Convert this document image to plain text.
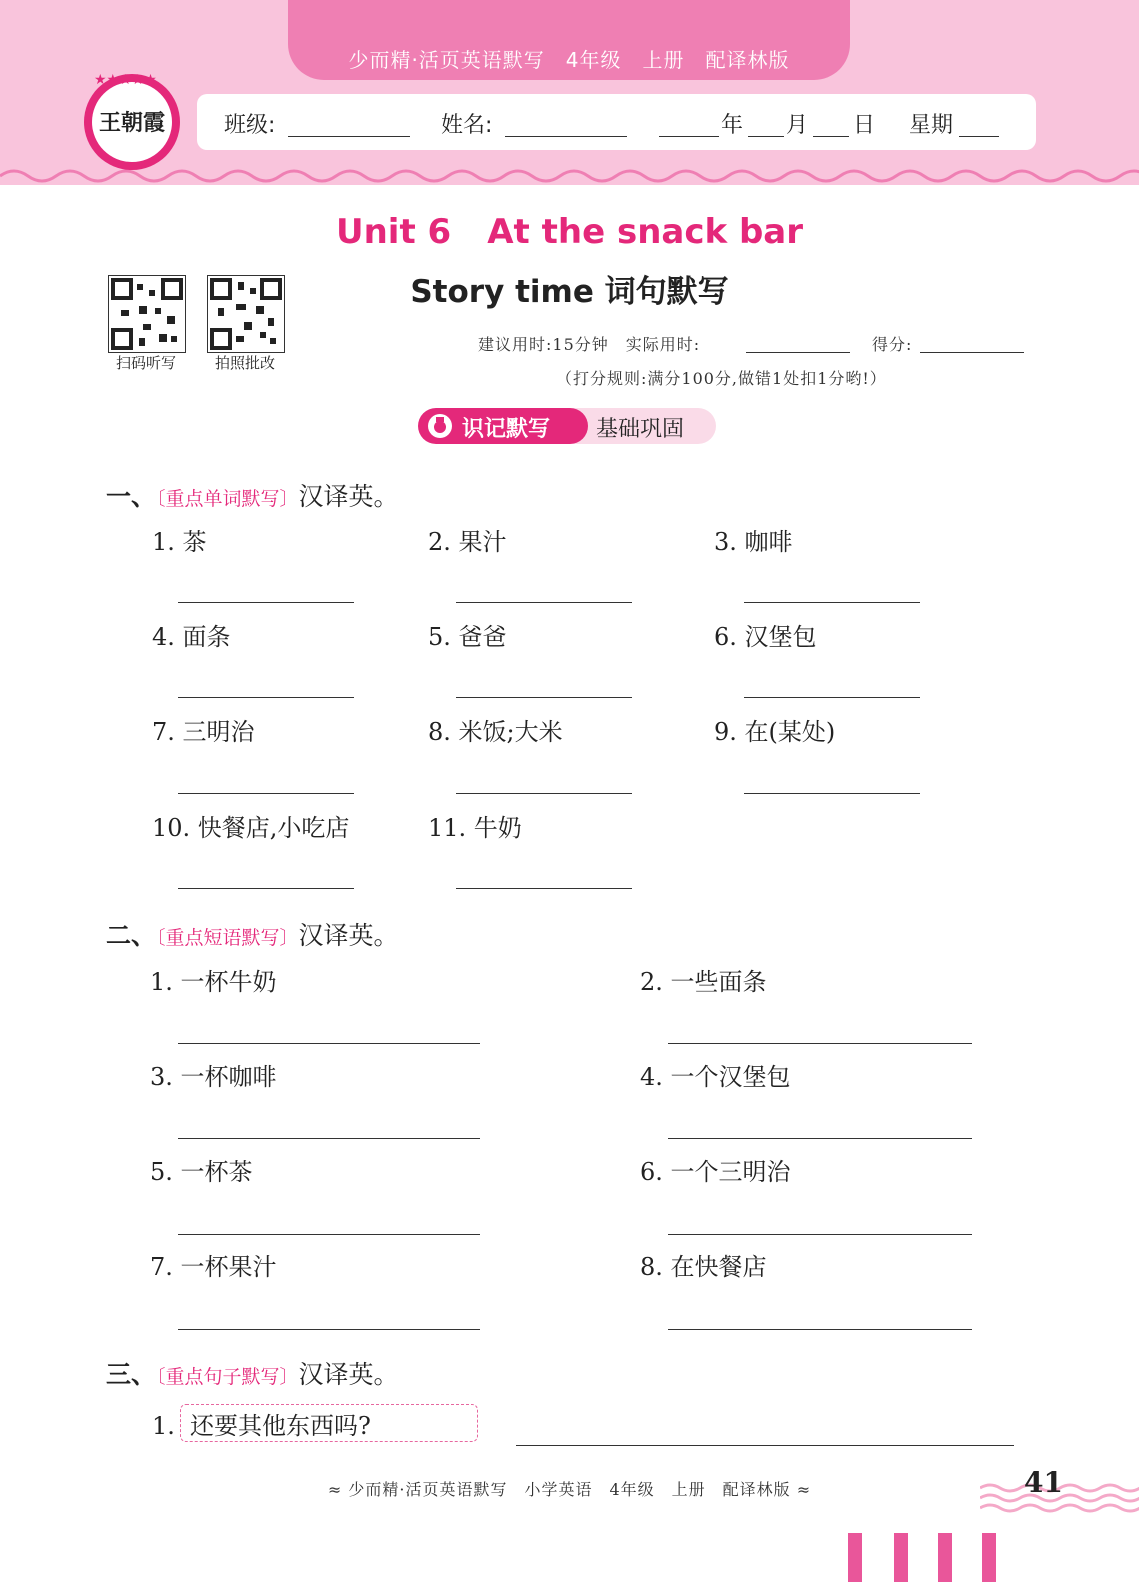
少而精·活页英语默写　4年级　上册　配译林版
班级:	姓名:	年 月 日 星期
★★★★★
王朝霞
Unit 6 At the snack bar
Story time 词句默写
扫码听写	拍照批改
建议用时:15分钟　实际用时:	得分:
（打分规则:满分100分,做错1处扣1分哟!）
识记默写 基础巩固
一、〔重点单词默写〕汉译英。
1. 茶	2. 果汁	3. 咖啡
4. 面条	5. 爸爸	6. 汉堡包
7. 三明治	8. 米饭;大米	9. 在(某处)
10. 快餐店,小吃店	11. 牛奶
二、〔重点短语默写〕汉译英。
1. 一杯牛奶	2. 一些面条
3. 一杯咖啡	4. 一个汉堡包
5. 一杯茶	6. 一个三明治
7. 一杯果汁	8. 在快餐店
三、〔重点句子默写〕汉译英。
1. 还要其他东西吗?
≈ 少而精·活页英语默写　小学英语　4年级　上册　配译林版 ≈	41
